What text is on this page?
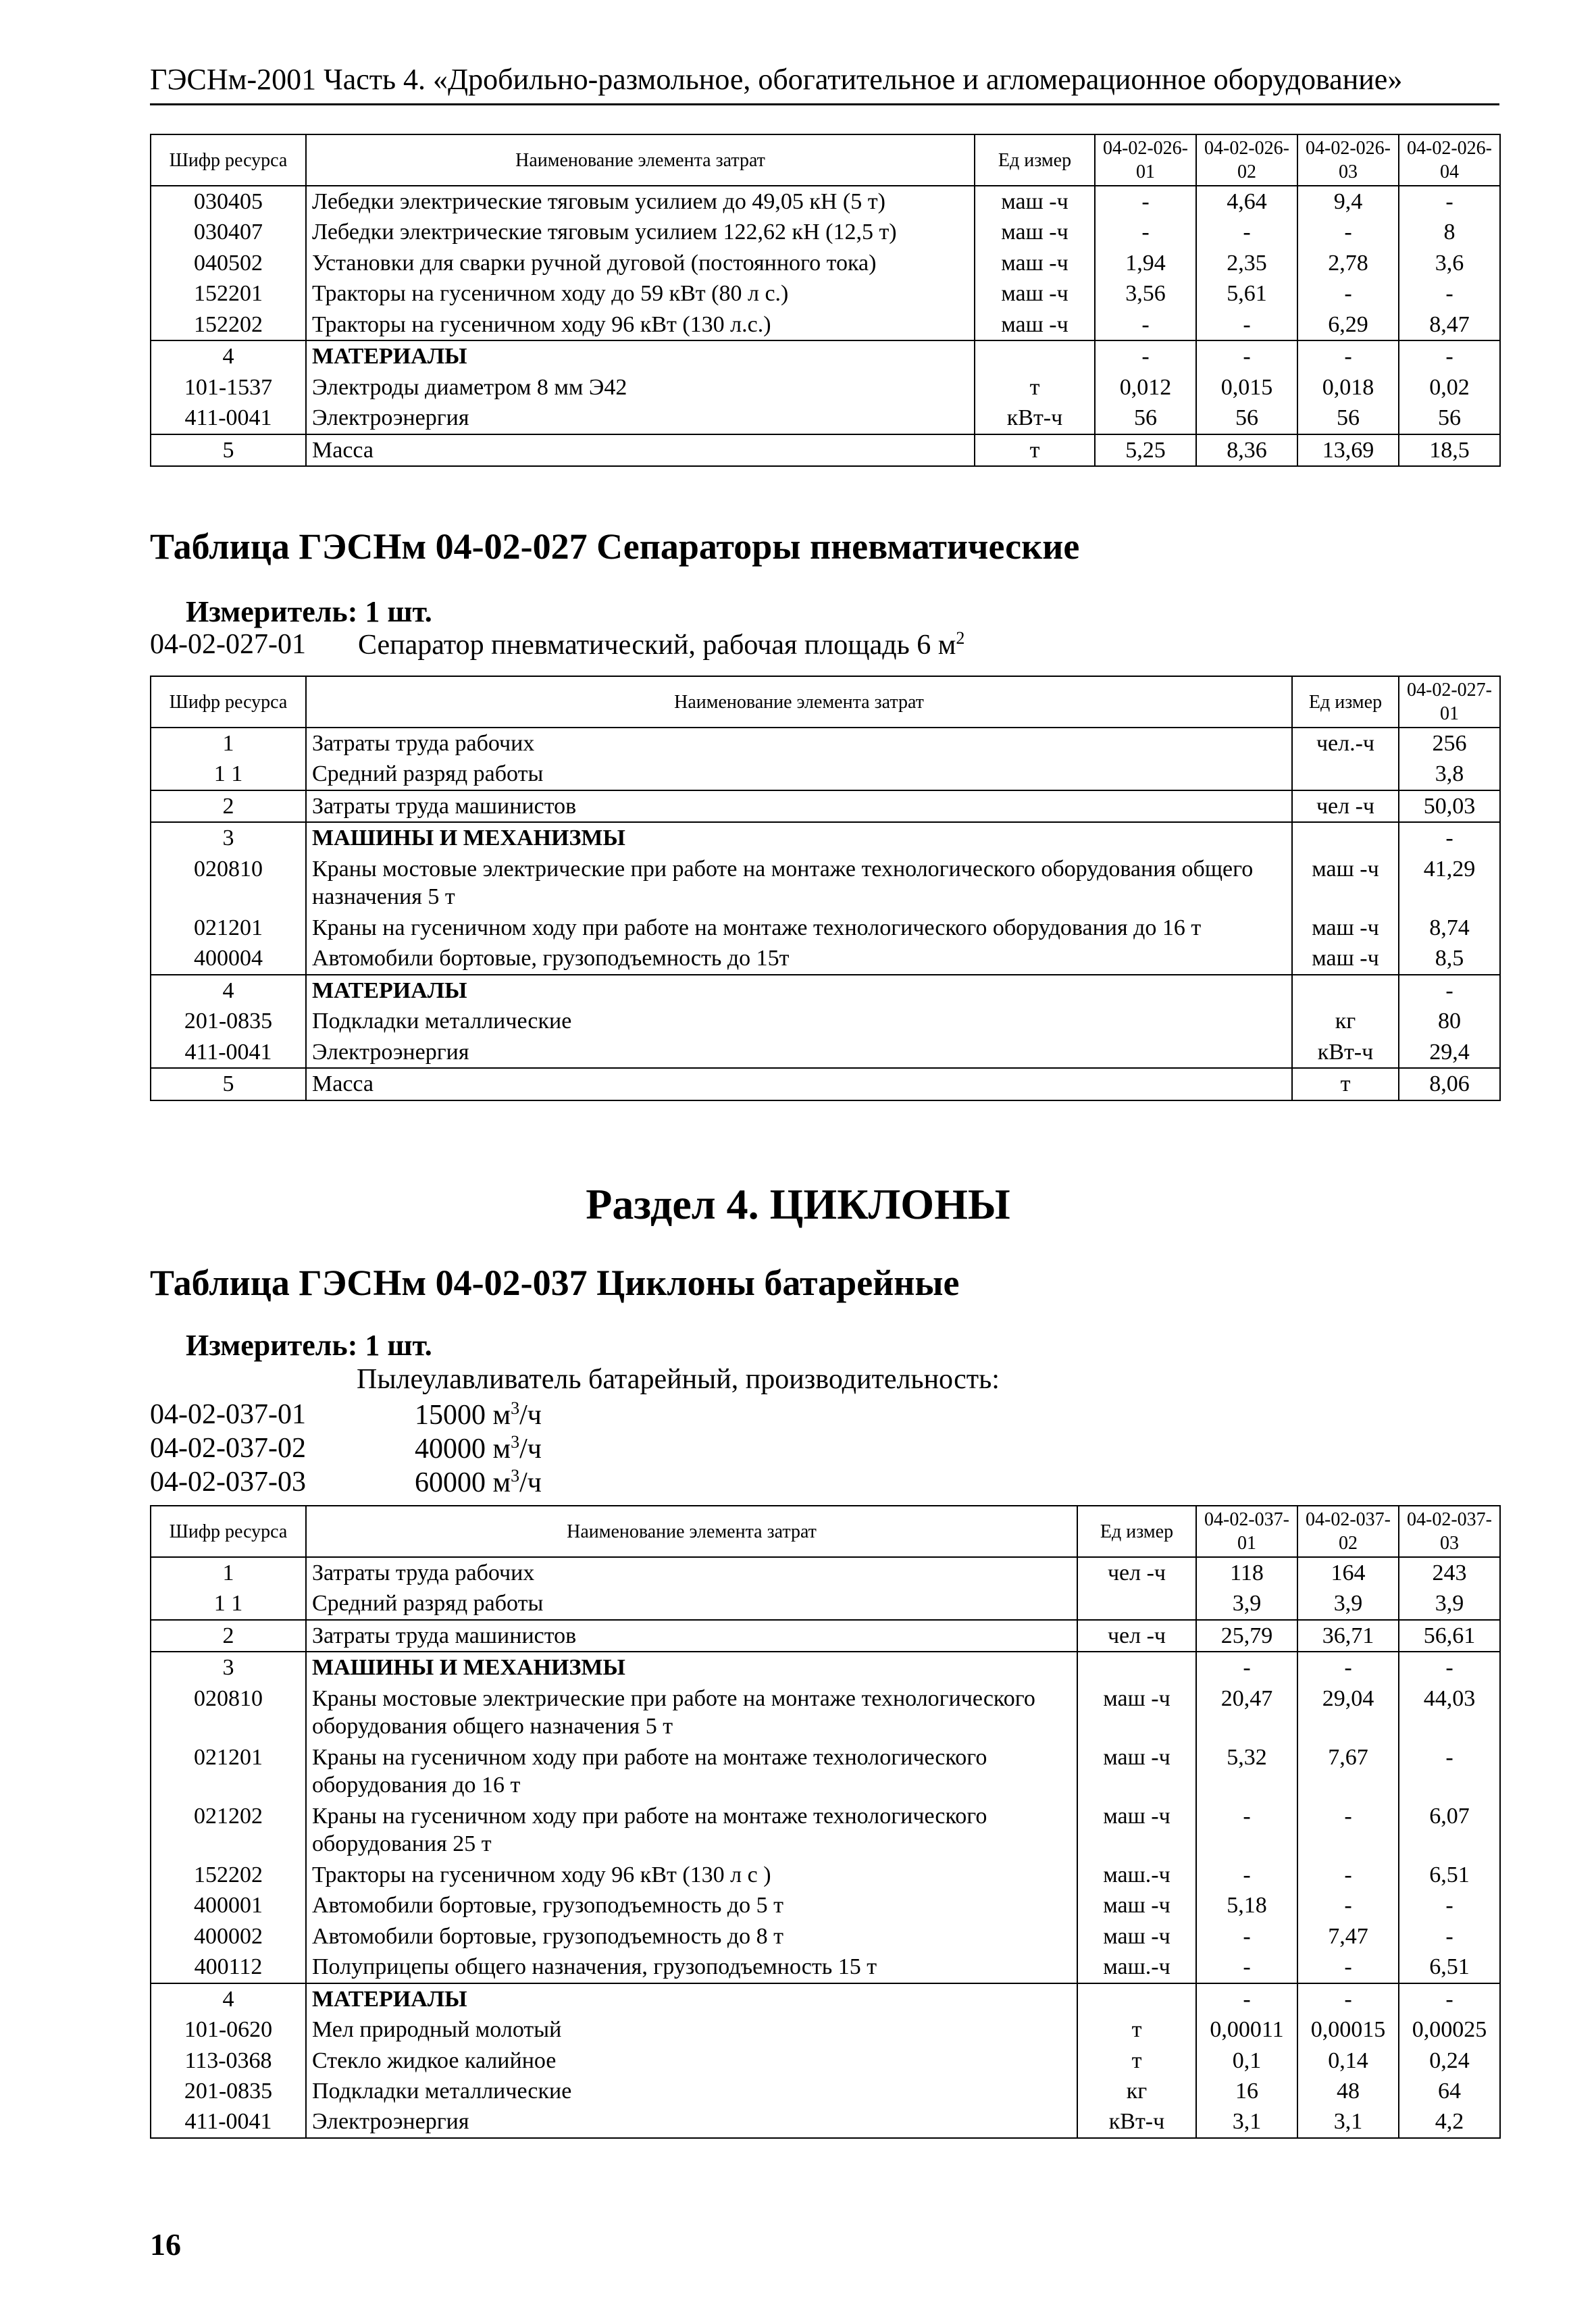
ГЭСНм-2001 Часть 4. «Дробильно-размольное, обогатительное и агломерационное оборудование»
Шифр ресурса	Наименование элемента затрат	Ед измер	04-02-026-01	04-02-026-02	04-02-026-03	04-02-026-04
030405	Лебедки электрические тяговым усилием до 49,05 кН (5 т)	маш -ч	-	4,64	9,4	-
030407	Лебедки электрические тяговым усилием 122,62 кН (12,5 т)	маш -ч	-	-	-	8
040502	Установки для сварки ручной дуговой (постоянного тока)	маш -ч	1,94	2,35	2,78	3,6
152201	Тракторы на гусеничном ходу до 59 кВт (80 л с.)	маш -ч	3,56	5,61	-	-
152202	Тракторы на гусеничном ходу 96 кВт (130 л.с.)	маш -ч	-	-	6,29	8,47
4	МАТЕРИАЛЫ		-	-	-	-
101-1537	Электроды диаметром 8 мм Э42	т	0,012	0,015	0,018	0,02
411-0041	Электроэнергия	кВт-ч	56	56	56	56
5	Масса	т	5,25	8,36	13,69	18,5
Таблица ГЭСНм 04-02-027 Сепараторы пневматические
Измеритель: 1 шт.
04-02-027-01 Сепаратор пневматический, рабочая площадь 6 $м^2$
Шифр ресурса	Наименование элемента затрат	Ед измер	04-02-027-01
1	Затраты труда рабочих	чел.-ч	256
1 1	Средний разряд работы		3,8
2	Затраты труда машинистов	чел -ч	50,03
3	МАШИНЫ И МЕХАНИЗМЫ		-
020810	Краны мостовые электрические при работе на монтаже технологического оборудования общего назначения 5 т	маш -ч	41,29
021201	Краны на гусеничном ходу при работе на монтаже технологического оборудования до 16 т	маш -ч	8,74
400004	Автомобили бортовые, грузоподъемность до 15т	маш -ч	8,5
4	МАТЕРИАЛЫ		-
201-0835	Подкладки металлические	кг	80
411-0041	Электроэнергия	кВт-ч	29,4
5	Масса	т	8,06
Раздел 4. ЦИКЛОНЫ
Таблица ГЭСНм 04-02-037 Циклоны батарейные
Измеритель: 1 шт.
Пылеулавливатель батарейный, производительность:
04-02-037-01	15000 $м^3/ч$
04-02-037-02	40000 $м^3/ч$
04-02-037-03	60000 $м^3/ч$
Шифр ресурса	Наименование элемента затрат	Ед измер	04-02-037-01	04-02-037-02	04-02-037-03
1	Затраты труда рабочих	чел -ч	118	164	243
1 1	Средний разряд работы		3,9	3,9	3,9
2	Затраты труда машинистов	чел -ч	25,79	36,71	56,61
3	МАШИНЫ И МЕХАНИЗМЫ		-	-	-
020810	Краны мостовые электрические при работе на монтаже технологического оборудования общего назначения 5 т	маш -ч	20,47	29,04	44,03
021201	Краны на гусеничном ходу при работе на монтаже технологического оборудования до 16 т	маш -ч	5,32	7,67	-
021202	Краны на гусеничном ходу при работе на монтаже технологического оборудования 25 т	маш -ч	-	-	6,07
152202	Тракторы на гусеничном ходу 96 кВт (130 л с )	маш.-ч	-	-	6,51
400001	Автомобили бортовые, грузоподъемность до 5 т	маш -ч	5,18	-	-
400002	Автомобили бортовые, грузоподъемность до 8 т	маш -ч	-	7,47	-
400112	Полуприцепы общего назначения, грузоподъемность 15 т	маш.-ч	-	-	6,51
4	МАТЕРИАЛЫ		-	-	-
101-0620	Мел природный молотый	т	0,00011	0,00015	0,00025
113-0368	Стекло жидкое калийное	т	0,1	0,14	0,24
201-0835	Подкладки металлические	кг	16	48	64
411-0041	Электроэнергия	кВт-ч	3,1	3,1	4,2
16
